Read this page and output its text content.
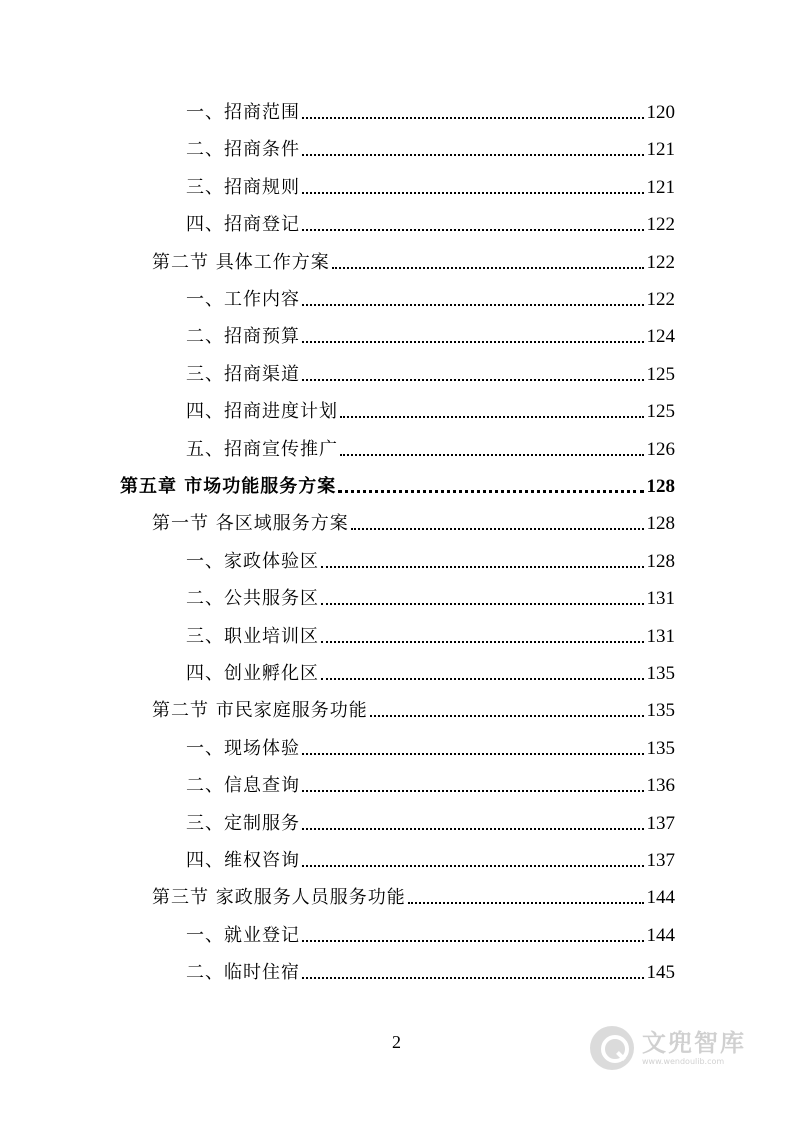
一、招商范围	120
二、招商条件	121
三、招商规则	121
四、招商登记	122
第二节 具体工作方案	122
一、工作内容	122
二、招商预算	124
三、招商渠道	125
四、招商进度计划	125
五、招商宣传推广	126
第五章 市场功能服务方案	128
第一节 各区域服务方案	128
一、家政体验区	128
二、公共服务区	131
三、职业培训区	131
四、创业孵化区	135
第二节 市民家庭服务功能	135
一、现场体验	135
二、信息查询	136
三、定制服务	137
四、维权咨询	137
第三节 家政服务人员服务功能	144
一、就业登记	144
二、临时住宿	145
2	文兜智库
www.wendoulib.com
